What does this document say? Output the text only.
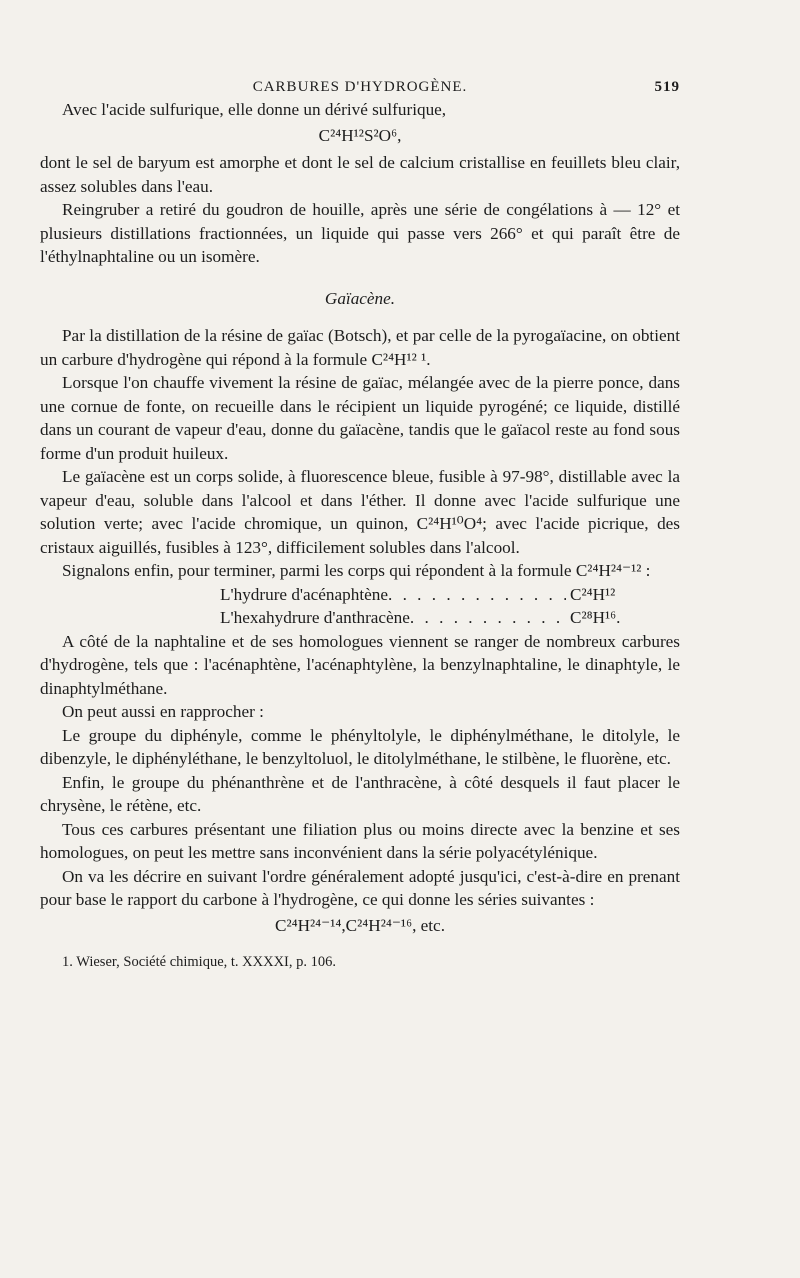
CARBURES D'HYDROGÈNE.	519

Avec l'acide sulfurique, elle donne un dérivé sulfurique,

C²⁴H¹²S²O⁶,

dont le sel de baryum est amorphe et dont le sel de calcium cristallise en feuillets bleu clair, assez solubles dans l'eau.

Reingruber a retiré du goudron de houille, après une série de congélations à — 12° et plusieurs distillations fractionnées, un liquide qui passe vers 266° et qui paraît être de l'éthylnaphtaline ou un isomère.

Gaïacène.

Par la distillation de la résine de gaïac (Botsch), et par celle de la pyrogaïacine, on obtient un carbure d'hydrogène qui répond à la formule C²⁴H¹² ¹.

Lorsque l'on chauffe vivement la résine de gaïac, mélangée avec de la pierre ponce, dans une cornue de fonte, on recueille dans le récipient un liquide pyrogéné; ce liquide, distillé dans un courant de vapeur d'eau, donne du gaïacène, tandis que le gaïacol reste au fond sous forme d'un produit huileux.

Le gaïacène est un corps solide, à fluorescence bleue, fusible à 97-98°, distillable avec la vapeur d'eau, soluble dans l'alcool et dans l'éther. Il donne avec l'acide sulfurique une solution verte; avec l'acide chromique, un quinon, C²⁴H¹⁰O⁴; avec l'acide picrique, des cristaux aiguillés, fusibles à 123°, difficilement solubles dans l'alcool.

Signalons enfin, pour terminer, parmi les corps qui répondent à la formule C²⁴H²⁴⁻¹² :

L'hydrure d'acénaphtène . . .	C²⁴H¹²
L'hexahydrure d'anthracène . . .	C²⁸H¹⁶.

A côté de la naphtaline et de ses homologues viennent se ranger de nombreux carbures d'hydrogène, tels que : l'acénaphtène, l'acénaphtylène, la benzylnaphtaline, le dinaphtyle, le dinaphtylméthane.

On peut aussi en rapprocher :

Le groupe du diphényle, comme le phényltolyle, le diphénylméthane, le ditolyle, le dibenzyle, le diphényléthane, le benzyltoluol, le ditolylméthane, le stilbène, le fluorène, etc.

Enfin, le groupe du phénanthrène et de l'anthracène, à côté desquels il faut placer le chrysène, le rétène, etc.

Tous ces carbures présentant une filiation plus ou moins directe avec la benzine et ses homologues, on peut les mettre sans inconvénient dans la série polyacétylénique.

On va les décrire en suivant l'ordre généralement adopté jusqu'ici, c'est-à-dire en prenant pour base le rapport du carbone à l'hydrogène, ce qui donne les séries suivantes :

C²⁴H²⁴⁻¹⁴,C²⁴H²⁴⁻¹⁶, etc.
1. Wieser, Société chimique, t. XXXXI, p. 106.
